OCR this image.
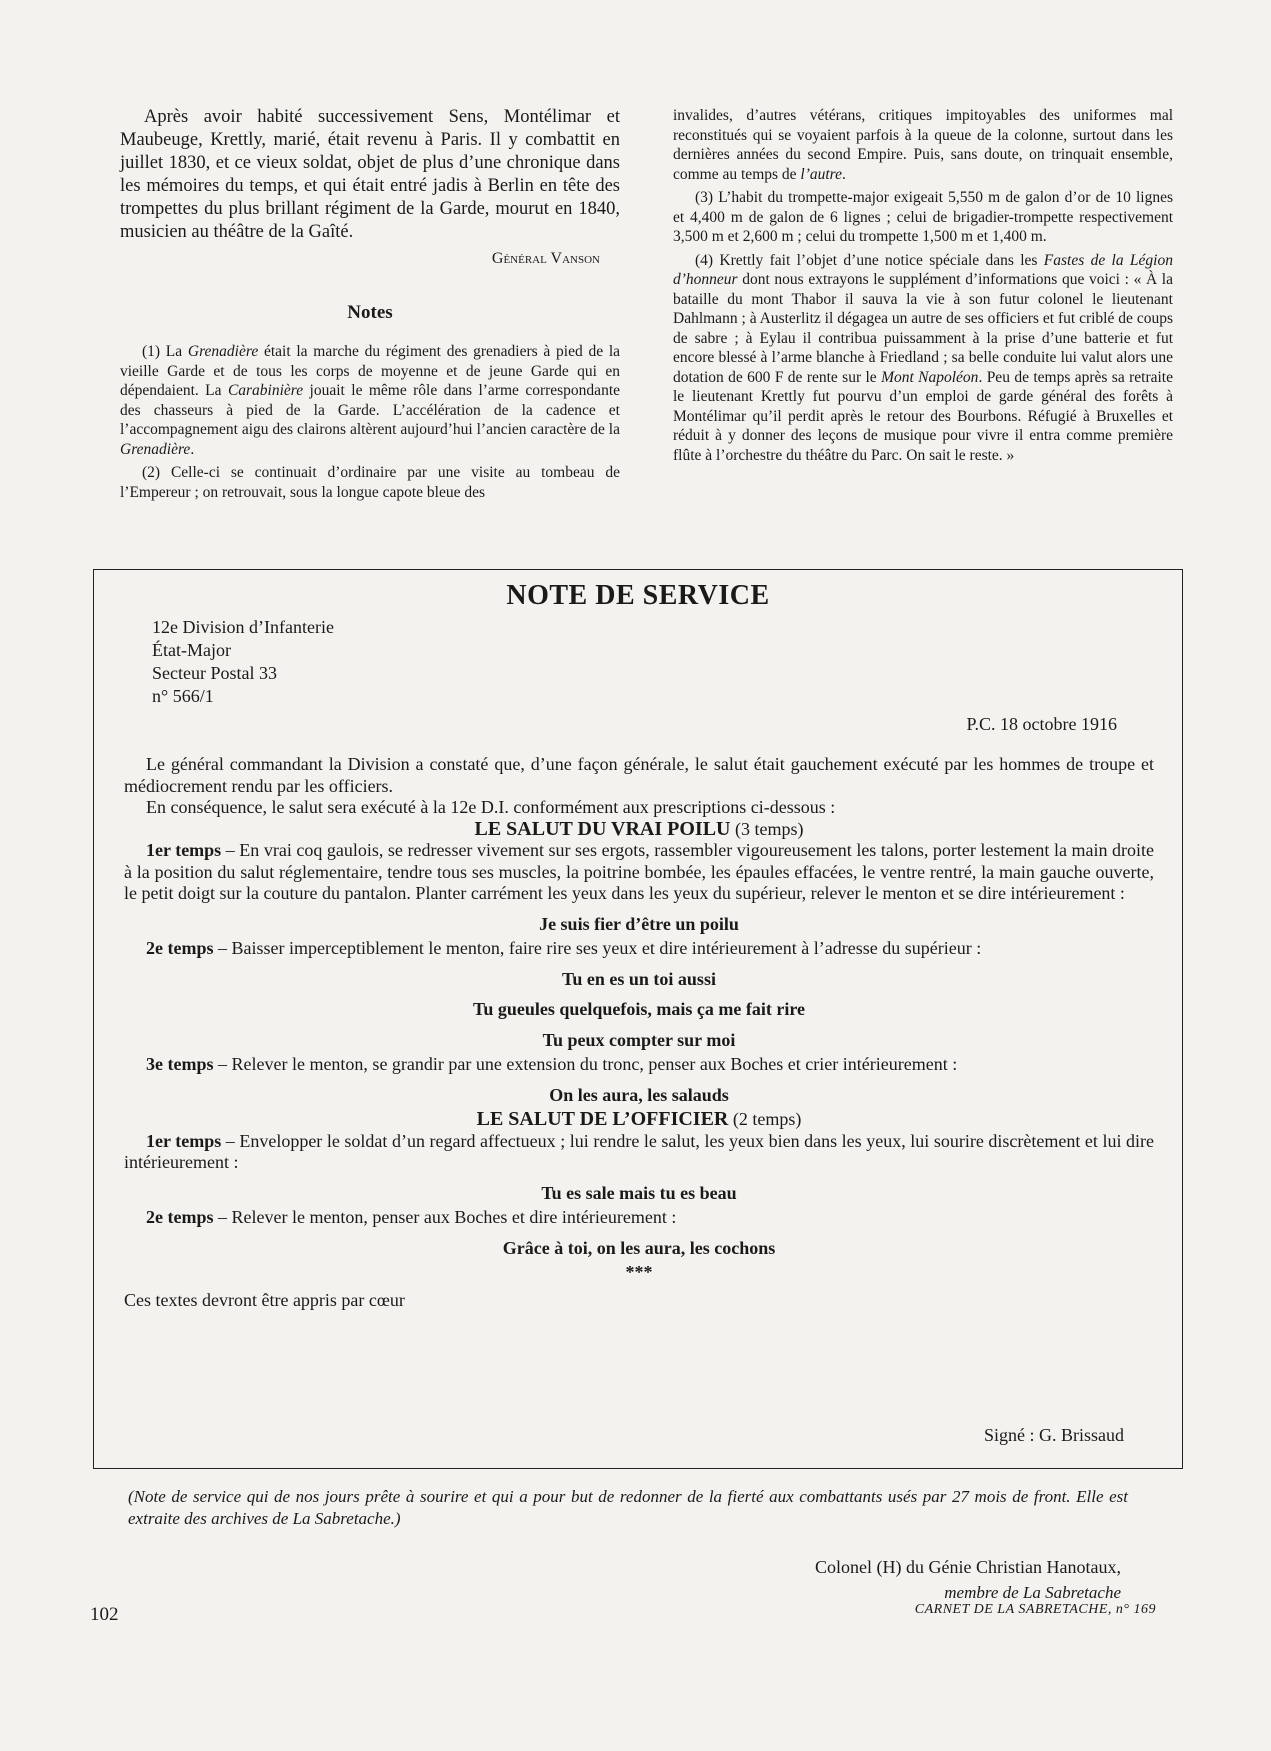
Après avoir habité successivement Sens, Montélimar et Maubeuge, Krettly, marié, était revenu à Paris. Il y combattit en juillet 1830, et ce vieux soldat, objet de plus d’une chronique dans les mémoires du temps, et qui était entré jadis à Berlin en tête des trompettes du plus brillant régiment de la Garde, mourut en 1840, musicien au théâtre de la Gaîté.

Général Vanson
Notes

(1) La Grenadière était la marche du régiment des grenadiers à pied de la vieille Garde et de tous les corps de moyenne et de jeune Garde qui en dépendaient. La Carabinière jouait le même rôle dans l’arme correspondante des chasseurs à pied de la Garde. L’accélération de la cadence et l’accompagnement aigu des clairons altèrent aujourd’hui l’ancien caractère de la Grenadière.

(2) Celle-ci se continuait d’ordinaire par une visite au tombeau de l’Empereur ; on retrouvait, sous la longue capote bleue des

invalides, d’autres vétérans, critiques impitoyables des uniformes mal reconstitués qui se voyaient parfois à la queue de la colonne, surtout dans les dernières années du second Empire. Puis, sans doute, on trinquait ensemble, comme au temps de l’autre.

(3) L’habit du trompette-major exigeait 5,550 m de galon d’or de 10 lignes et 4,400 m de galon de 6 lignes ; celui de brigadier-trompette respectivement 3,500 m et 2,600 m ; celui du trompette 1,500 m et 1,400 m.

(4) Krettly fait l’objet d’une notice spéciale dans les Fastes de la Légion d’honneur dont nous extrayons le supplément d’informations que voici : « À la bataille du mont Thabor il sauva la vie à son futur colonel le lieutenant Dahlmann ; à Austerlitz il dégagea un autre de ses officiers et fut criblé de coups de sabre ; à Eylau il contribua puissamment à la prise d’une batterie et fut encore blessé à l’arme blanche à Friedland ; sa belle conduite lui valut alors une dotation de 600 F de rente sur le Mont Napoléon. Peu de temps après sa retraite le lieutenant Krettly fut pourvu d’un emploi de garde général des forêts à Montélimar qu’il perdit après le retour des Bourbons. Réfugié à Bruxelles et réduit à y donner des leçons de musique pour vivre il entra comme première flûte à l’orchestre du théâtre du Parc. On sait le reste. »

NOTE DE SERVICE
12e Division d’Infanterie
État-Major
Secteur Postal 33
n° 566/1
P.C. 18 octobre 1916

Le général commandant la Division a constaté que, d’une façon générale, le salut était gauchement exécuté par les hommes de troupe et médiocrement rendu par les officiers.

En conséquence, le salut sera exécuté à la 12e D.I. conformément aux prescriptions ci-dessous :

LE SALUT DU VRAI POILU (3 temps)

1er temps – En vrai coq gaulois, se redresser vivement sur ses ergots, rassembler vigoureusement les talons, porter lestement la main droite à la position du salut réglementaire, tendre tous ses muscles, la poitrine bombée, les épaules effacées, le ventre rentré, la main gauche ouverte, le petit doigt sur la couture du pantalon. Planter carrément les yeux dans les yeux du supérieur, relever le menton et se dire intérieurement :

Je suis fier d’être un poilu

2e temps – Baisser imperceptiblement le menton, faire rire ses yeux et dire intérieurement à l’adresse du supérieur :

Tu en es un toi aussi

Tu gueules quelquefois, mais ça me fait rire

Tu peux compter sur moi

3e temps – Relever le menton, se grandir par une extension du tronc, penser aux Boches et crier intérieurement :

On les aura, les salauds

LE SALUT DE L’OFFICIER (2 temps)

1er temps – Envelopper le soldat d’un regard affectueux ; lui rendre le salut, les yeux bien dans les yeux, lui sourire discrètement et lui dire intérieurement :

Tu es sale mais tu es beau

2e temps – Relever le menton, penser aux Boches et dire intérieurement :

Grâce à toi, on les aura, les cochons

***

Ces textes devront être appris par cœur

Signé : G. Brissaud
(Note de service qui de nos jours prête à sourire et qui a pour but de redonner de la fierté aux combattants usés par 27 mois de front. Elle est extraite des archives de La Sabretache.)
Colonel (H) du Génie Christian Hanotaux,
membre de La Sabretache
102	CARNET DE LA SABRETACHE, n° 169
